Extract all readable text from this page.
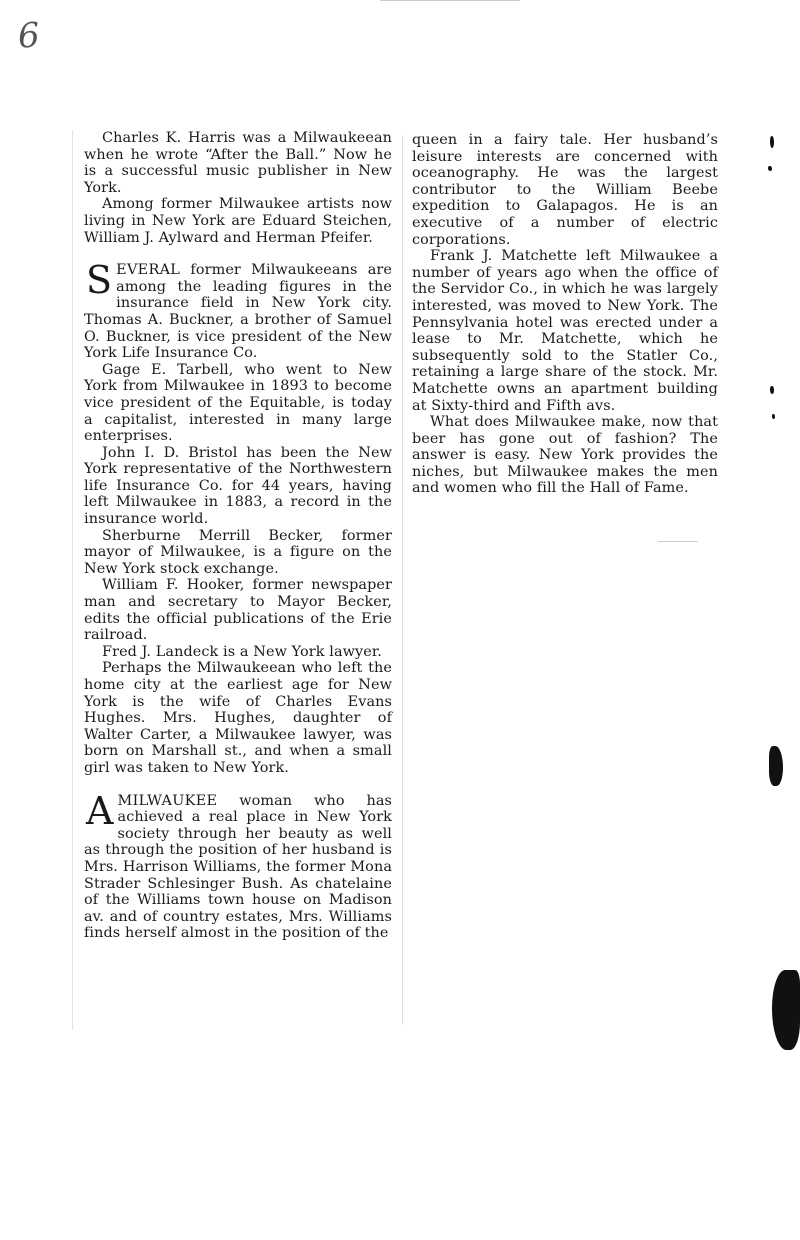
6

Charles K. Harris was a Milwaukeean when he wrote “After the Ball.” Now he is a successful music publisher in New York.

Among former Milwaukee artists now living in New York are Eduard Steichen, William J. Aylward and Herman Pfeifer.

SEVERAL former Milwaukeeans are among the leading figures in the insurance field in New York city. Thomas A. Buckner, a brother of Samuel O. Buckner, is vice president of the New York Life Insurance Co.

Gage E. Tarbell, who went to New York from Milwaukee in 1893 to become vice president of the Equitable, is today a capitalist, interested in many large enterprises.

John I. D. Bristol has been the New York representative of the Northwestern life Insurance Co. for 44 years, having left Milwaukee in 1883, a record in the insurance world.

Sherburne Merrill Becker, former mayor of Milwaukee, is a figure on the New York stock exchange.

William F. Hooker, former newspaper man and secretary to Mayor Becker, edits the official publications of the Erie railroad.

Fred J. Landeck is a New York lawyer.

Perhaps the Milwaukeean who left the home city at the earliest age for New York is the wife of Charles Evans Hughes. Mrs. Hughes, daughter of Walter Carter, a Milwaukee lawyer, was born on Marshall st., and when a small girl was taken to New York.

AMILWAUKEE woman who has achieved a real place in New York society through her beauty as well as through the position of her husband is Mrs. Harrison Williams, the former Mona Strader Schlesinger Bush. As chatelaine of the Williams town house on Madison av. and of country estates, Mrs. Williams finds herself almost in the position of the

queen in a fairy tale. Her husband’s leisure interests are concerned with oceanography. He was the largest contributor to the William Beebe expedition to Galapagos. He is an executive of a number of electric corporations.

Frank J. Matchette left Milwaukee a number of years ago when the office of the Servidor Co., in which he was largely interested, was moved to New York. The Pennsylvania hotel was erected under a lease to Mr. Matchette, which he subsequently sold to the Statler Co., retaining a large share of the stock. Mr. Matchette owns an apartment building at Sixty-third and Fifth avs.

What does Milwaukee make, now that beer has gone out of fashion? The answer is easy. New York provides the niches, but Milwaukee makes the men and women who fill the Hall of Fame.
